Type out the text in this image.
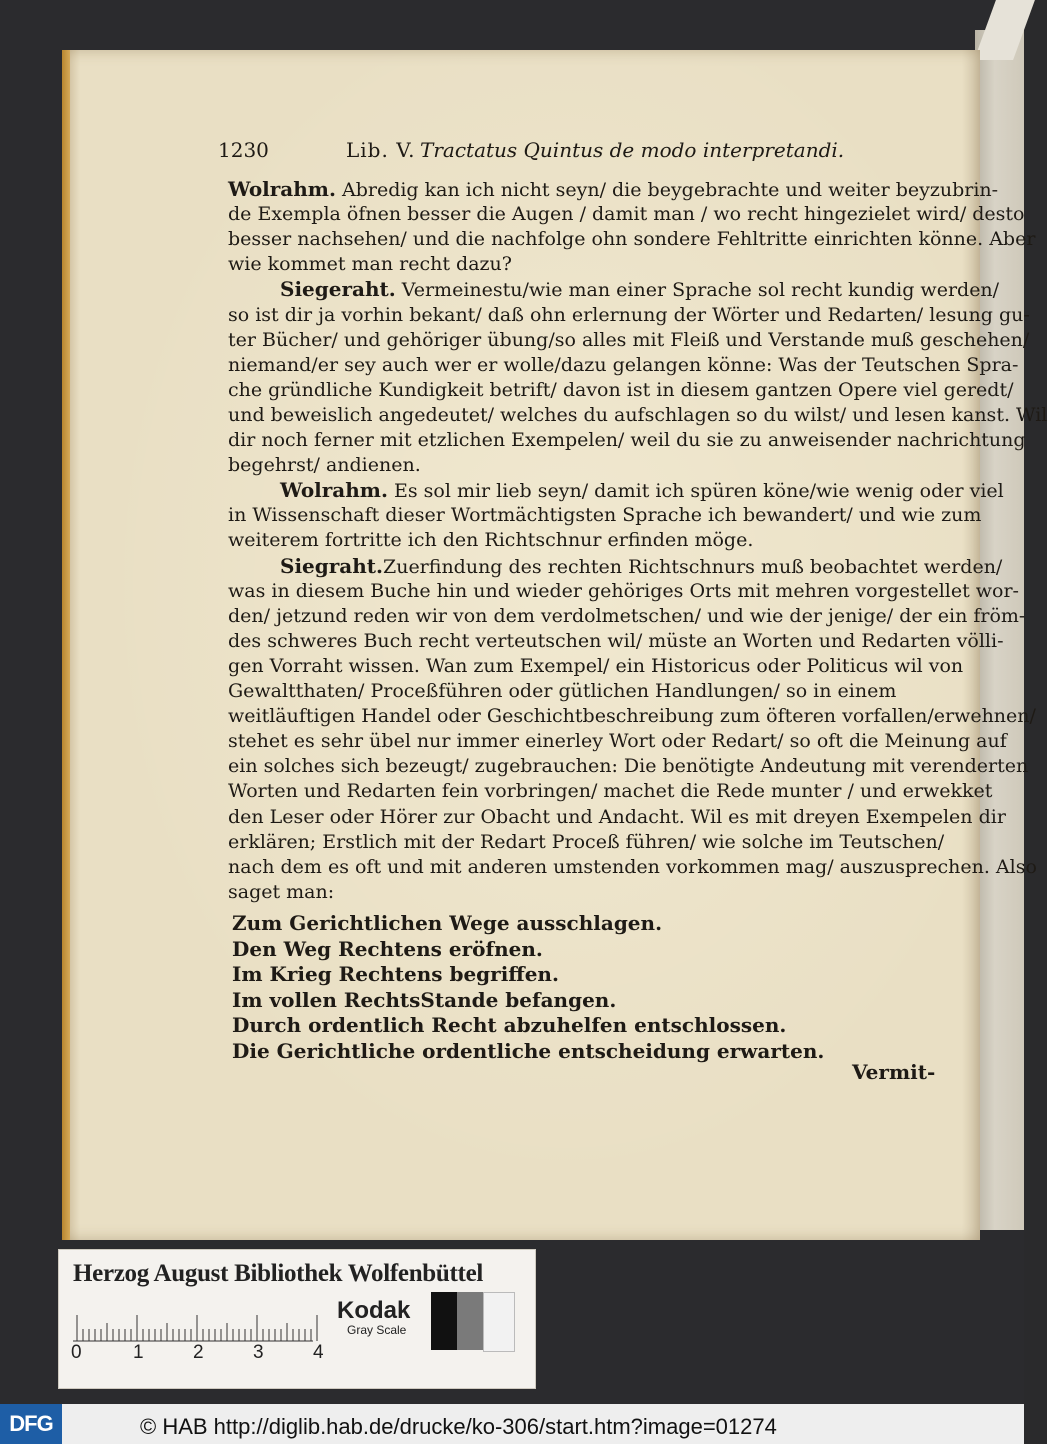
1230	Lib. V. Tractatus Quintus de modo interpretandi.
Wolrahm. Abredig kan ich nicht seyn/ die beygebrachte und weiter beyzubrin-
de Exempla öfnen besser die Augen / damit man / wo recht hingezielet wird/ desto
besser nachsehen/ und die nachfolge ohn sondere Fehltritte einrichten könne. Aber
wie kommet man recht dazu?
Siegeraht. Vermeinestu/wie man einer Sprache sol recht kundig werden/
so ist dir ja vorhin bekant/ daß ohn erlernung der Wörter und Redarten/ lesung gu-
ter Bücher/ und gehöriger übung/so alles mit Fleiß und Verstande muß geschehen/
niemand/er sey auch wer er wolle/dazu gelangen könne: Was der Teutschen Spra-
che gründliche Kundigkeit betrift/ davon ist in diesem gantzen Opere viel geredt/
und beweislich angedeutet/ welches du aufschlagen so du wilst/ und lesen kanst. Wil
dir noch ferner mit etzlichen Exempelen/ weil du sie zu anweisender nachrichtung
begehrst/ andienen.
Wolrahm. Es sol mir lieb seyn/ damit ich spüren köne/wie wenig oder viel
in Wissenschaft dieser Wortmächtigsten Sprache ich bewandert/ und wie zum
weiterem fortritte ich den Richtschnur erfinden möge.
Siegraht.Zuerfindung des rechten Richtschnurs muß beobachtet werden/
was in diesem Buche hin und wieder gehöriges Orts mit mehren vorgestellet wor-
den/ jetzund reden wir von dem verdolmetschen/ und wie der jenige/ der ein fröm-
des schweres Buch recht verteutschen wil/ müste an Worten und Redarten völli-
gen Vorraht wissen. Wan zum Exempel/ ein Historicus oder Politicus wil von
Gewaltthaten/ Proceßführen oder gütlichen Handlungen/ so in einem
weitläuftigen Handel oder Geschichtbeschreibung zum öfteren vorfallen/erwehnen/
stehet es sehr übel nur immer einerley Wort oder Redart/ so oft die Meinung auf
ein solches sich bezeugt/ zugebrauchen: Die benötigte Andeutung mit verenderten
Worten und Redarten fein vorbringen/ machet die Rede munter / und erwekket
den Leser oder Hörer zur Obacht und Andacht. Wil es mit dreyen Exempelen dir
erklären; Erstlich mit der Redart Proceß führen/ wie solche im Teutschen/
nach dem es oft und mit anderen umstenden vorkommen mag/ auszusprechen. Also
saget man:
Zum Gerichtlichen Wege ausschlagen.
Den Weg Rechtens eröfnen.
Im Krieg Rechtens begriffen.
Im vollen RechtsStande befangen.
Durch ordentlich Recht abzuhelfen entschlossen.
Die Gerichtliche ordentliche entscheidung erwarten.
Vermit-
Herzog August Bibliothek Wolfenbüttel
0	1	2	3	4
Kodak
Gray Scale
DFG	© HAB http://diglib.hab.de/drucke/ko-306/start.htm?image=01274
